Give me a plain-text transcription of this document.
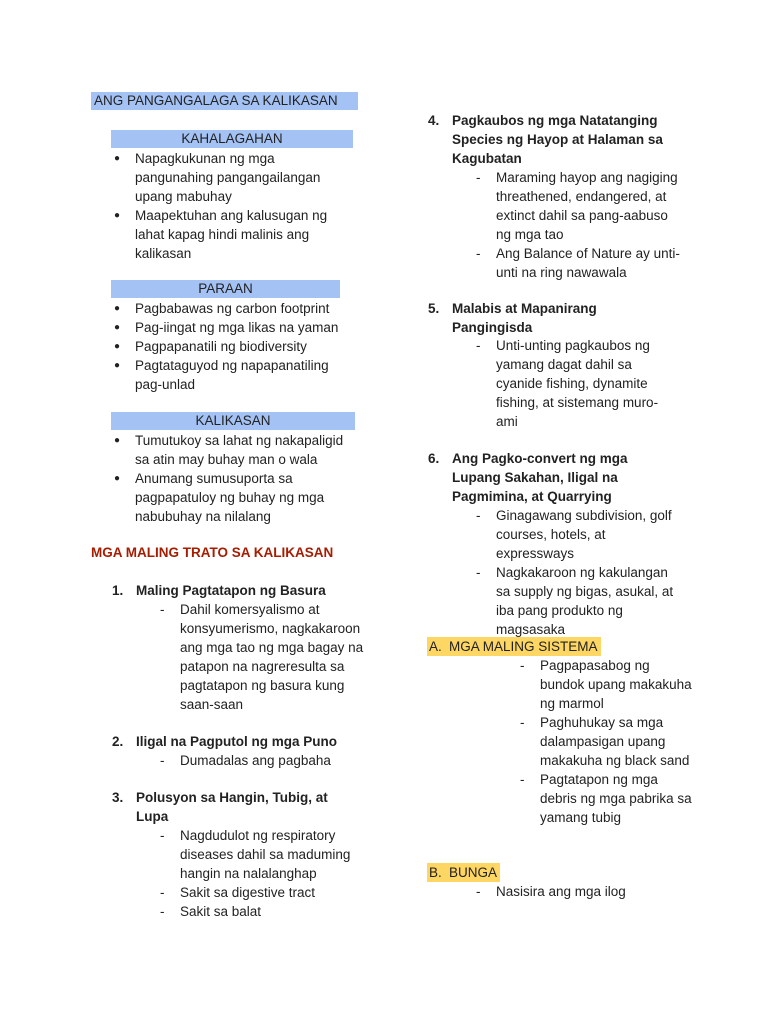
ANG PANGANGALAGA SA KALIKASAN
KAHALAGAHAN
● Napagkukunan ng mga pangunahing pangangailangan upang mabuhay
● Maapektuhan ang kalusugan ng lahat kapag hindi malinis ang kalikasan
PARAAN
● Pagbabawas ng carbon footprint
● Pag-iingat ng mga likas na yaman
● Pagpapanatili ng biodiversity
● Pagtataguyod ng napapanatiling pag-unlad
KALIKASAN
● Tumutukoy sa lahat ng nakapaligid sa atin may buhay man o wala
● Anumang sumusuporta sa pagpapatuloy ng buhay ng mga nabubuhay na nilalang
MGA MALING TRATO SA KALIKASAN
1. Maling Pagtatapon ng Basura
- Dahil komersyalismo at konsyumerismo, nagkakaroon ang mga tao ng mga bagay na patapon na nagreresulta sa pagtatapon ng basura kung saan-saan
2. Iligal na Pagputol ng mga Puno
- Dumadalas ang pagbaha
3. Polusyon sa Hangin, Tubig, at Lupa
- Nagdudulot ng respiratory diseases dahil sa maduming hangin na nalalanghap
- Sakit sa digestive tract
- Sakit sa balat
4. Pagkaubos ng mga Natatanging Species ng Hayop at Halaman sa Kagubatan
- Maraming hayop ang nagiging threathened, endangered, at extinct dahil sa pang-aabuso ng mga tao
- Ang Balance of Nature ay unti-unti na ring nawawala
5. Malabis at Mapanirang Pangingisda
- Unti-unting pagkaubos ng yamang dagat dahil sa cyanide fishing, dynamite fishing, at sistemang muro-ami
6. Ang Pagko-convert ng mga Lupang Sakahan, Iligal na Pagmimina, at Quarrying
- Ginagawang subdivision, golf courses, hotels, at expressways
- Nagkakaroon ng kakulangan sa supply ng bigas, asukal, at iba pang produkto ng magsasaka
A. MGA MALING SISTEMA
- Pagpapasabog ng bundok upang makakuha ng marmol
- Paghuhukay sa mga dalampasigan upang makakuha ng black sand
- Pagtatapon ng mga debris ng mga pabrika sa yamang tubig
B. BUNGA
- Nasisira ang mga ilog
